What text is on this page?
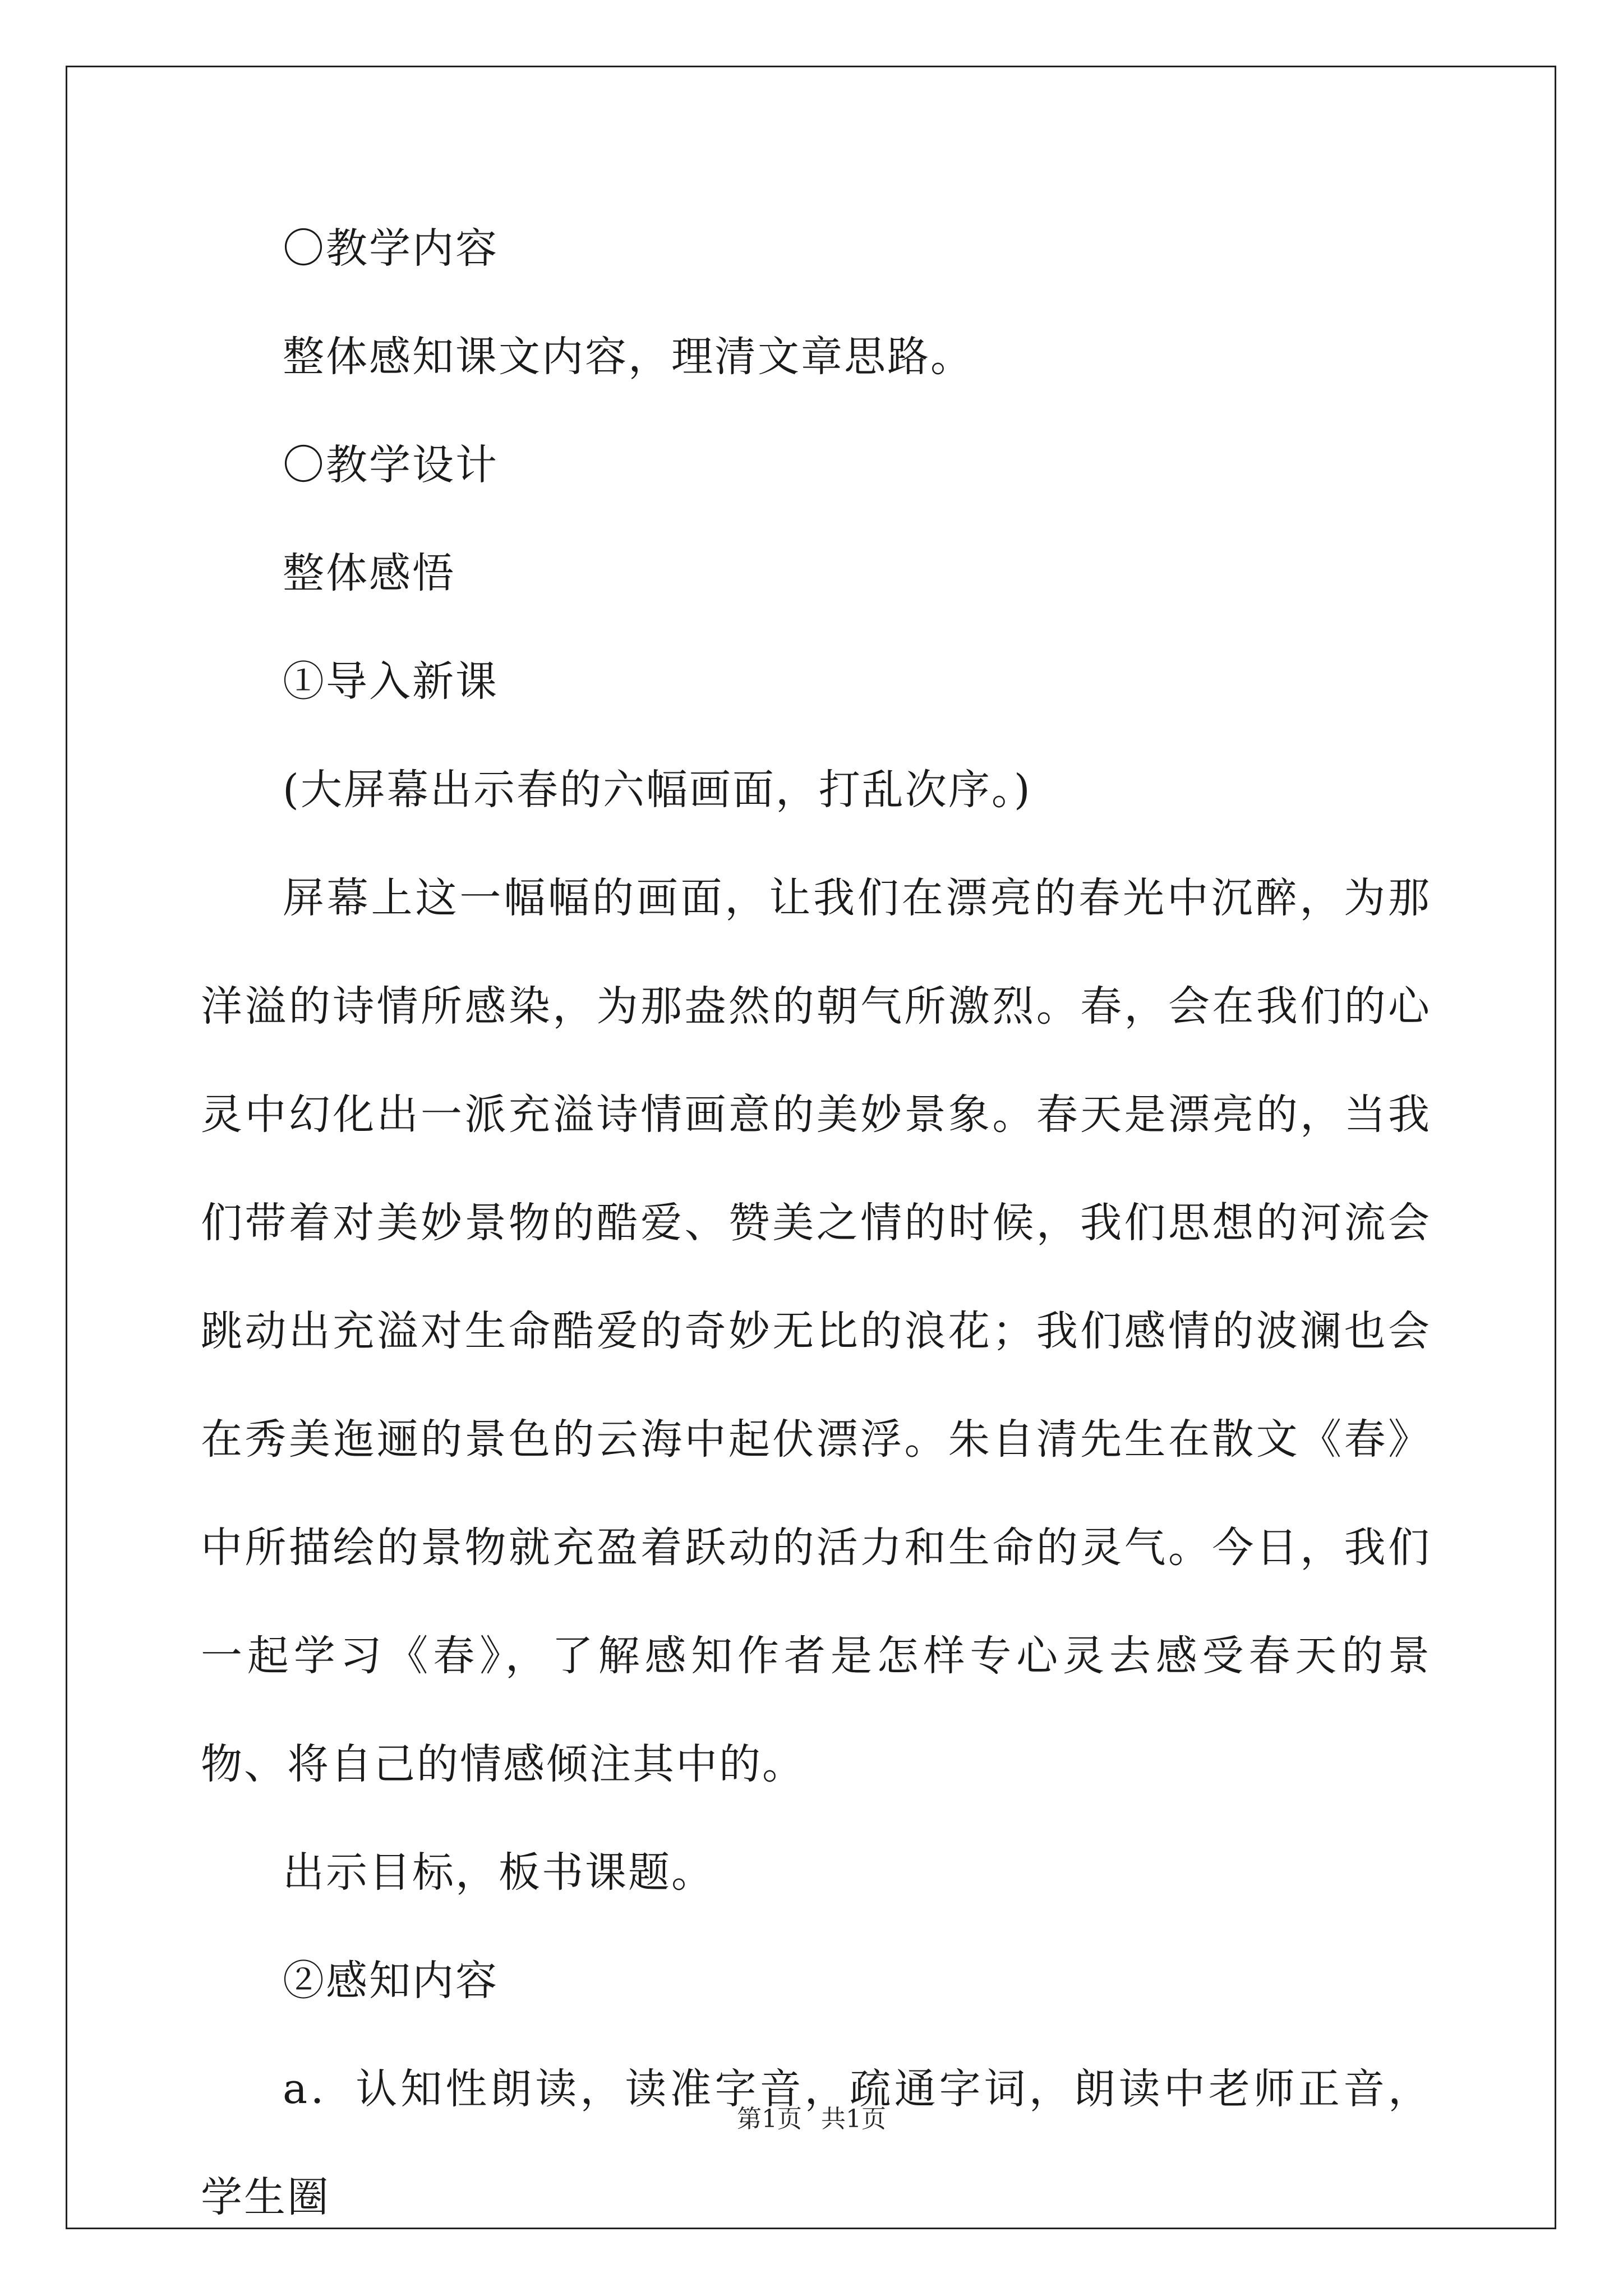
〇教学内容

整体感知课文内容，理清文章思路。

〇教学设计

整体感悟

①导入新课

(大屏幕出示春的六幅画面，打乱次序。)

屏幕上这一幅幅的画面，让我们在漂亮的春光中沉醉，为那洋溢的诗情所感染，为那盎然的朝气所激烈。春，会在我们的心灵中幻化出一派充溢诗情画意的美妙景象。春天是漂亮的，当我们带着对美妙景物的酷爱、赞美之情的时候，我们思想的河流会跳动出充溢对生命酷爱的奇妙无比的浪花；我们感情的波澜也会在秀美迤逦的景色的云海中起伏漂浮。朱自清先生在散文《春》中所描绘的景物就充盈着跃动的活力和生命的灵气。今日，我们一起学习《春》，了解感知作者是怎样专心灵去感受春天的景物、将自己的情感倾注其中的。

出示目标，板书课题。

②感知内容

a．认知性朗读，读准字音，疏通字词，朗读中老师正音，学生圈

第1页 共1页
